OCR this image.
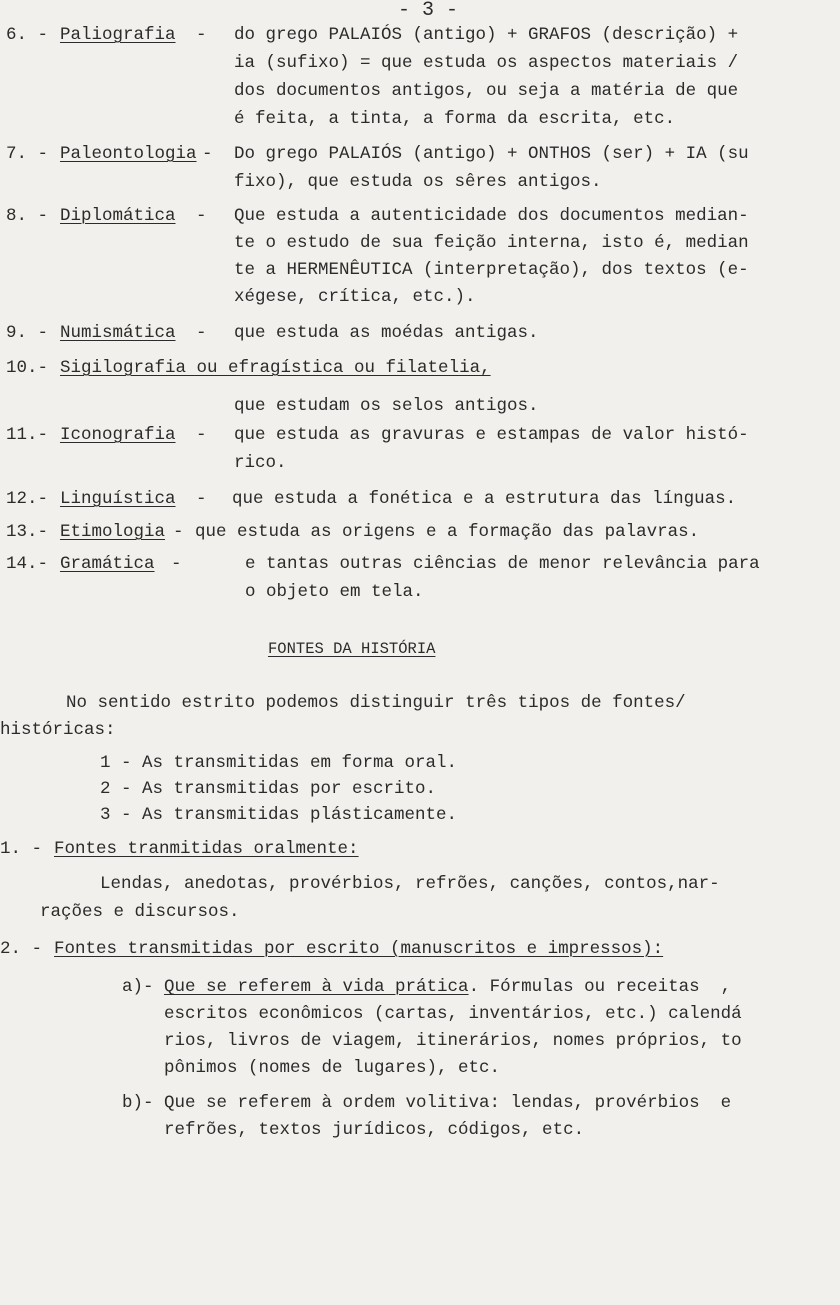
- 3 -
6. - Paliografia - do grego PALAIÓS (antigo) + GRAFOS (descrição) +
ia (sufixo) = que estuda os aspectos materiais /
dos documentos antigos, ou seja a matéria de que
é feita, a tinta, a forma da escrita, etc.
7. - Paleontologia - Do grego PALAIÓS (antigo) + ONTHOS (ser) + IA (su
fixo), que estuda os sêres antigos.
8. - Diplomática - Que estuda a autenticidade dos documentos median-
te o estudo de sua feição interna, isto é, median
te a HERMENÊUTICA (interpretação), dos textos (e-
xégese, crítica, etc.).
9. - Numismática - que estuda as moédas antigas.
10.- Sigilografia ou efragística ou filatelia,
que estudam os selos antigos.
11.- Iconografia - que estuda as gravuras e estampas de valor histó-
rico.
12.- Linguística - que estuda a fonética e a estrutura das línguas.
13.- Etimologia - que estuda as origens e a formação das palavras.
14.- Gramática -	e tantas outras ciências de menor relevância para
o objeto em tela.
FONTES DA HISTÓRIA
No sentido estrito podemos distinguir três tipos de fontes/
históricas:
1 - As transmitidas em forma oral.
2 - As transmitidas por escrito.
3 - As transmitidas plásticamente.
1. - Fontes tranmitidas oralmente:
Lendas, anedotas, provérbios, refrões, canções, contos,nar-
rações e discursos.
2. - Fontes transmitidas por escrito (manuscritos e impressos):
a)- Que se referem à vida prática. Fórmulas ou receitas  ,
escritos econômicos (cartas, inventários, etc.) calendá
rios, livros de viagem, itinerários, nomes próprios, to
pônimos (nomes de lugares), etc.
b)- Que se referem à ordem volitiva: lendas, provérbios  e
refrões, textos jurídicos, códigos, etc.
